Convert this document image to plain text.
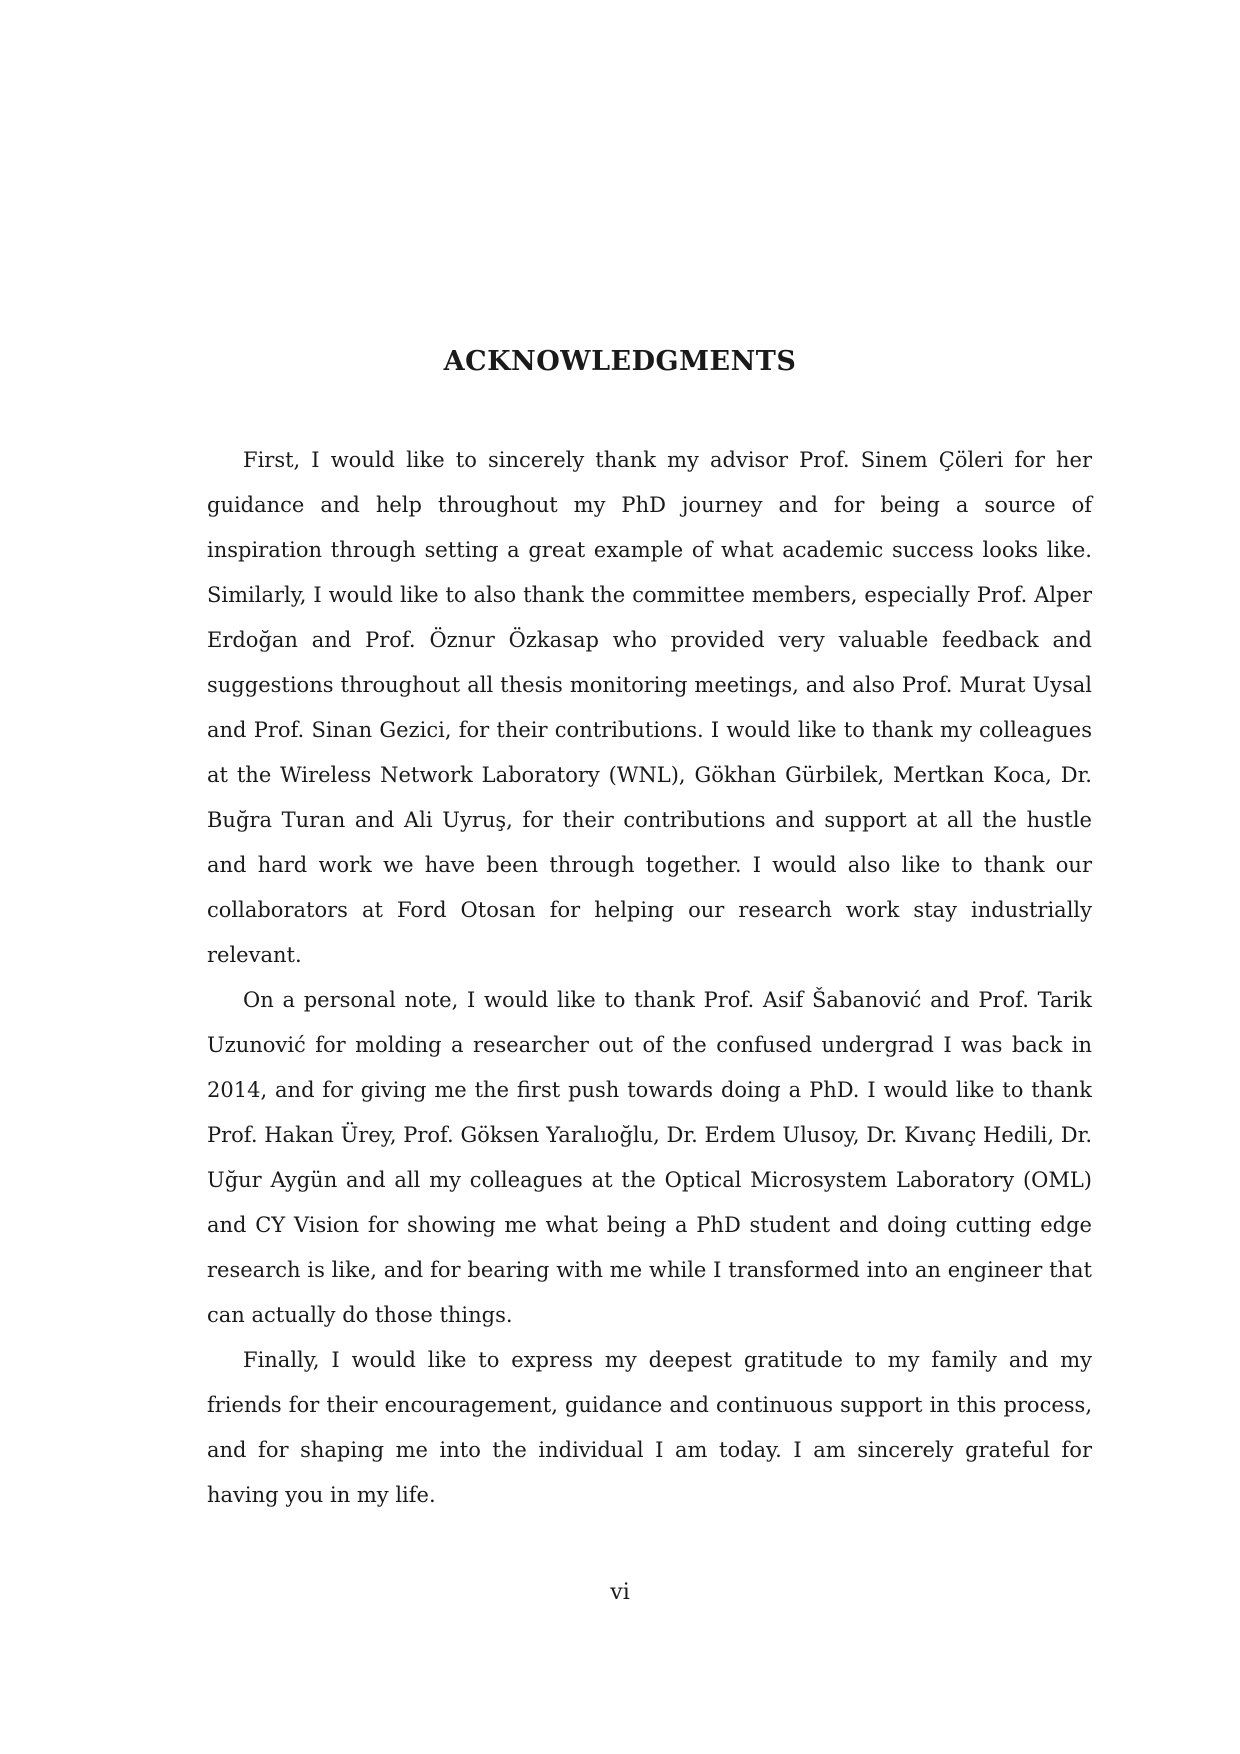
ACKNOWLEDGMENTS

First, I would like to sincerely thank my advisor Prof. Sinem Çöleri for her guidance and help throughout my PhD journey and for being a source of inspiration through setting a great example of what academic success looks like. Similarly, I would like to also thank the committee members, especially Prof. Alper Erdoğan and Prof. Öznur Özkasap who provided very valuable feedback and suggestions throughout all thesis monitoring meetings, and also Prof. Murat Uysal and Prof. Sinan Gezici, for their contributions. I would like to thank my colleagues at the Wireless Network Laboratory (WNL), Gökhan Gürbilek, Mertkan Koca, Dr. Buğra Turan and Ali Uyruş, for their contributions and support at all the hustle and hard work we have been through together. I would also like to thank our collaborators at Ford Otosan for helping our research work stay industrially relevant.

On a personal note, I would like to thank Prof. Asif Šabanović and Prof. Tarik Uzunović for molding a researcher out of the confused undergrad I was back in 2014, and for giving me the first push towards doing a PhD. I would like to thank Prof. Hakan Ürey, Prof. Göksen Yaralıoğlu, Dr. Erdem Ulusoy, Dr. Kıvanç Hedili, Dr. Uğur Aygün and all my colleagues at the Optical Microsystem Laboratory (OML) and CY Vision for showing me what being a PhD student and doing cutting edge research is like, and for bearing with me while I transformed into an engineer that can actually do those things.

Finally, I would like to express my deepest gratitude to my family and my friends for their encouragement, guidance and continuous support in this process, and for shaping me into the individual I am today. I am sincerely grateful for having you in my life.

vi
